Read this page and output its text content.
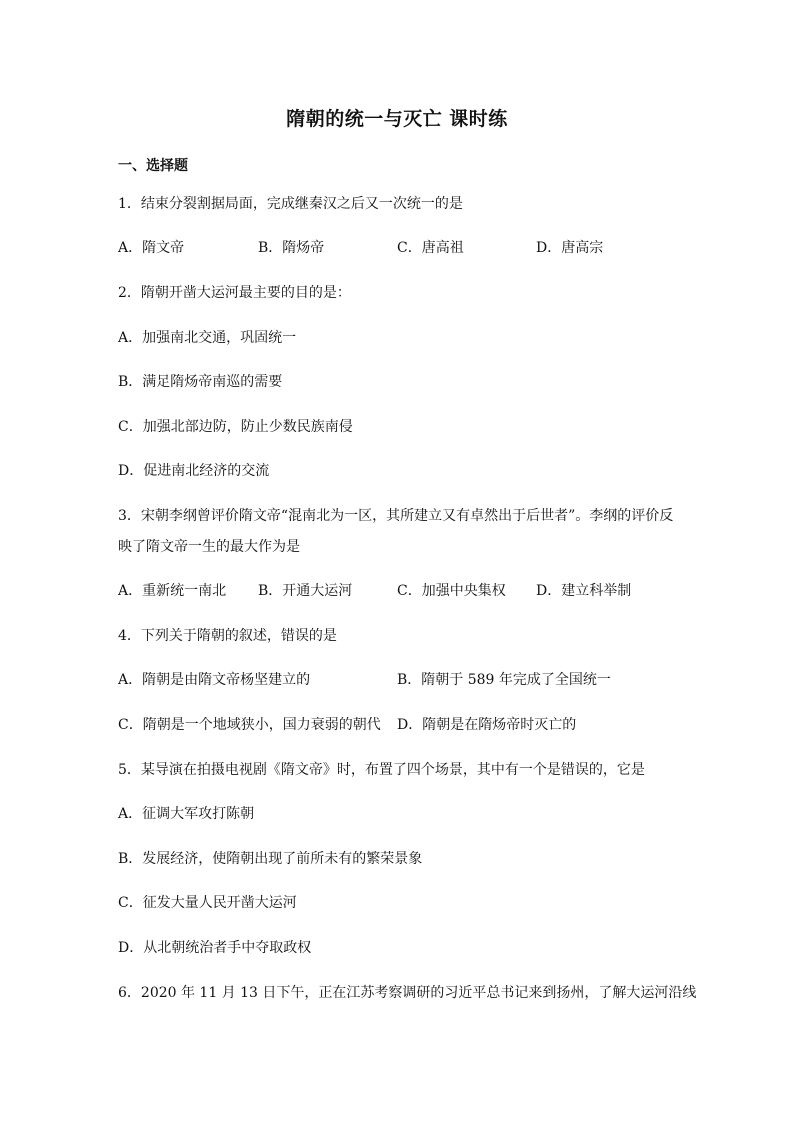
隋朝的统一与灭亡 课时练
一、选择题
1．结束分裂割据局面，完成继秦汉之后又一次统一的是
A．隋文帝	B．隋炀帝	C．唐高祖	D．唐高宗
2．隋朝开凿大运河最主要的目的是：
A．加强南北交通，巩固统一
B．满足隋炀帝南巡的需要
C．加强北部边防，防止少数民族南侵
D．促进南北经济的交流
3．宋朝李纲曾评价隋文帝“混南北为一区，其所建立又有卓然出于后世者”。李纲的评价反
映了隋文帝一生的最大作为是
A．重新统一南北 B．开通大运河	C．加强中央集权 D．建立科举制
4．下列关于隋朝的叙述，错误的是
A．隋朝是由隋文帝杨坚建立的	B．隋朝于 589 年完成了全国统一
C．隋朝是一个地域狭小，国力衰弱的朝代 D．隋朝是在隋炀帝时灭亡的
5．某导演在拍摄电视剧《隋文帝》时，布置了四个场景，其中有一个是错误的，它是
A．征调大军攻打陈朝
B．发展经济，使隋朝出现了前所未有的繁荣景象
C．征发大量人民开凿大运河
D．从北朝统治者手中夺取政权
6．2020 年 11 月 13 日下午，正在江苏考察调研的习近平总书记来到扬州，了解大运河沿线
